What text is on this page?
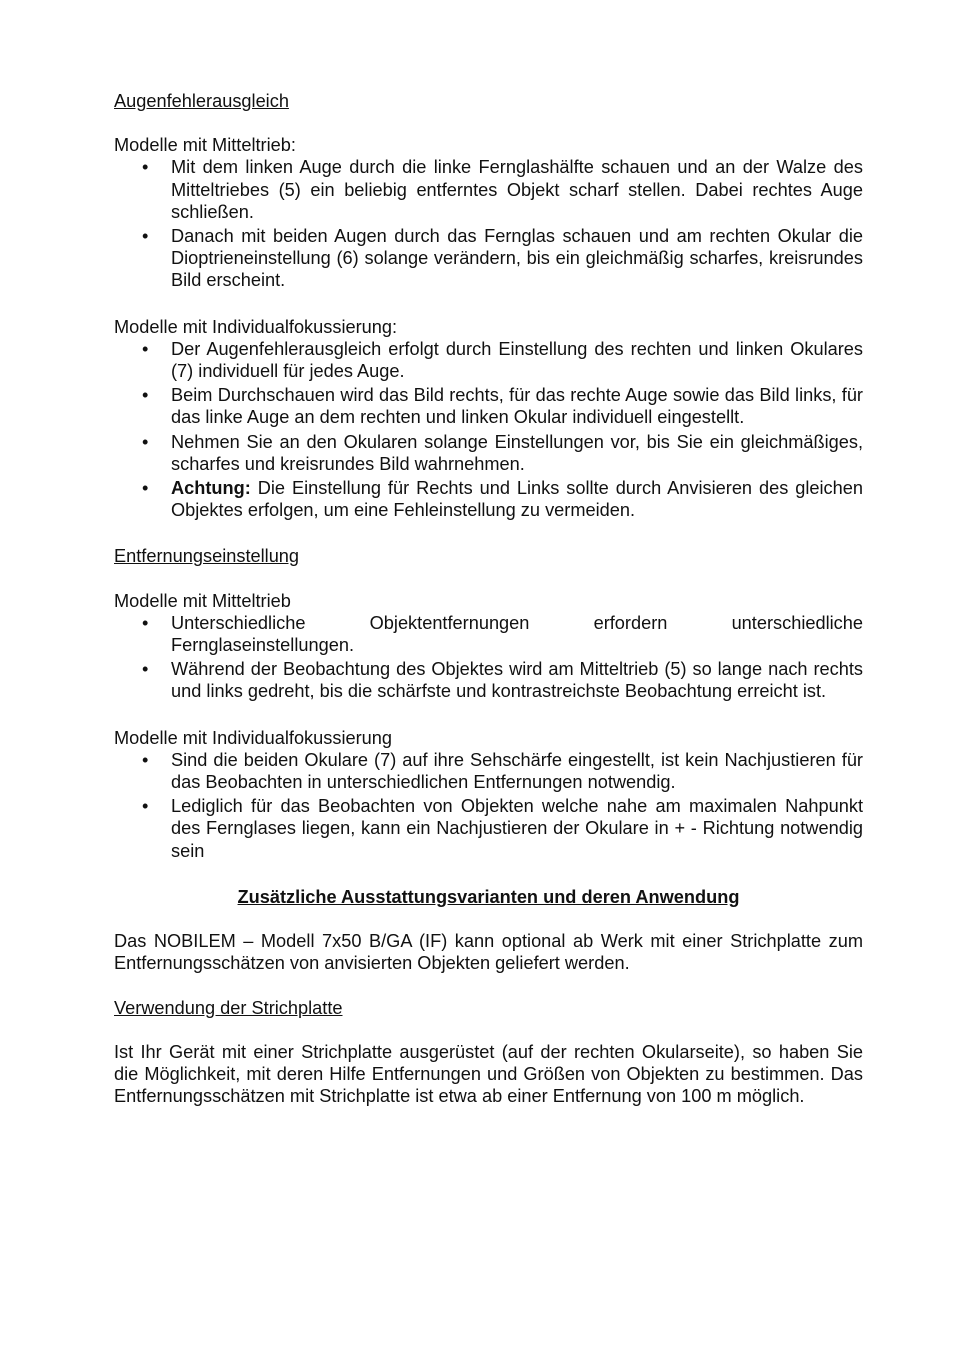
Augenfehlerausgleich

Modelle mit Mitteltrieb:

• Mit dem linken Auge durch die linke Fernglashälfte schauen und an der Walze des Mitteltriebes (5) ein beliebig entferntes Objekt scharf stellen. Dabei rechtes Auge schließen.
• Danach mit beiden Augen durch das Fernglas schauen und am rechten Okular die Dioptrieneinstellung (6) solange verändern, bis ein gleichmäßig scharfes, kreisrundes Bild erscheint.

Modelle mit Individualfokussierung:

• Der Augenfehlerausgleich erfolgt durch Einstellung des rechten und linken Okulares (7) individuell für jedes Auge.
• Beim Durchschauen wird das Bild rechts, für das rechte Auge sowie das Bild links, für das linke Auge an dem rechten und linken Okular individuell eingestellt.
• Nehmen Sie an den Okularen solange Einstellungen vor, bis Sie ein gleichmäßiges, scharfes und kreisrundes Bild wahrnehmen.
• Achtung: Die Einstellung für Rechts und Links sollte durch Anvisieren des gleichen Objektes erfolgen, um eine Fehleinstellung zu vermeiden.

Entfernungseinstellung

Modelle mit Mitteltrieb

• Unterschiedliche Objektentfernungen erfordern unterschiedliche Fernglaseinstellungen.
• Während der Beobachtung des Objektes wird am Mitteltrieb (5) so lange nach rechts und links gedreht, bis die schärfste und kontrastreichste Beobachtung erreicht ist.

Modelle mit Individualfokussierung

• Sind die beiden Okulare (7) auf ihre Sehschärfe eingestellt, ist kein Nachjustieren für das Beobachten in unterschiedlichen Entfernungen notwendig.
• Lediglich für das Beobachten von Objekten welche nahe am maximalen Nahpunkt des Fernglases liegen, kann ein Nachjustieren der Okulare in + - Richtung notwendig sein

Zusätzliche Ausstattungsvarianten und deren Anwendung

Das NOBILEM – Modell 7x50 B/GA (IF) kann optional ab Werk mit einer Strichplatte zum Entfernungsschätzen von anvisierten Objekten geliefert werden.

Verwendung der Strichplatte

Ist Ihr Gerät mit einer Strichplatte ausgerüstet (auf der rechten Okularseite), so haben Sie die Möglichkeit, mit deren Hilfe Entfernungen und Größen von Objekten zu bestimmen. Das Entfernungsschätzen mit Strichplatte ist etwa ab einer Entfernung von 100 m möglich.
